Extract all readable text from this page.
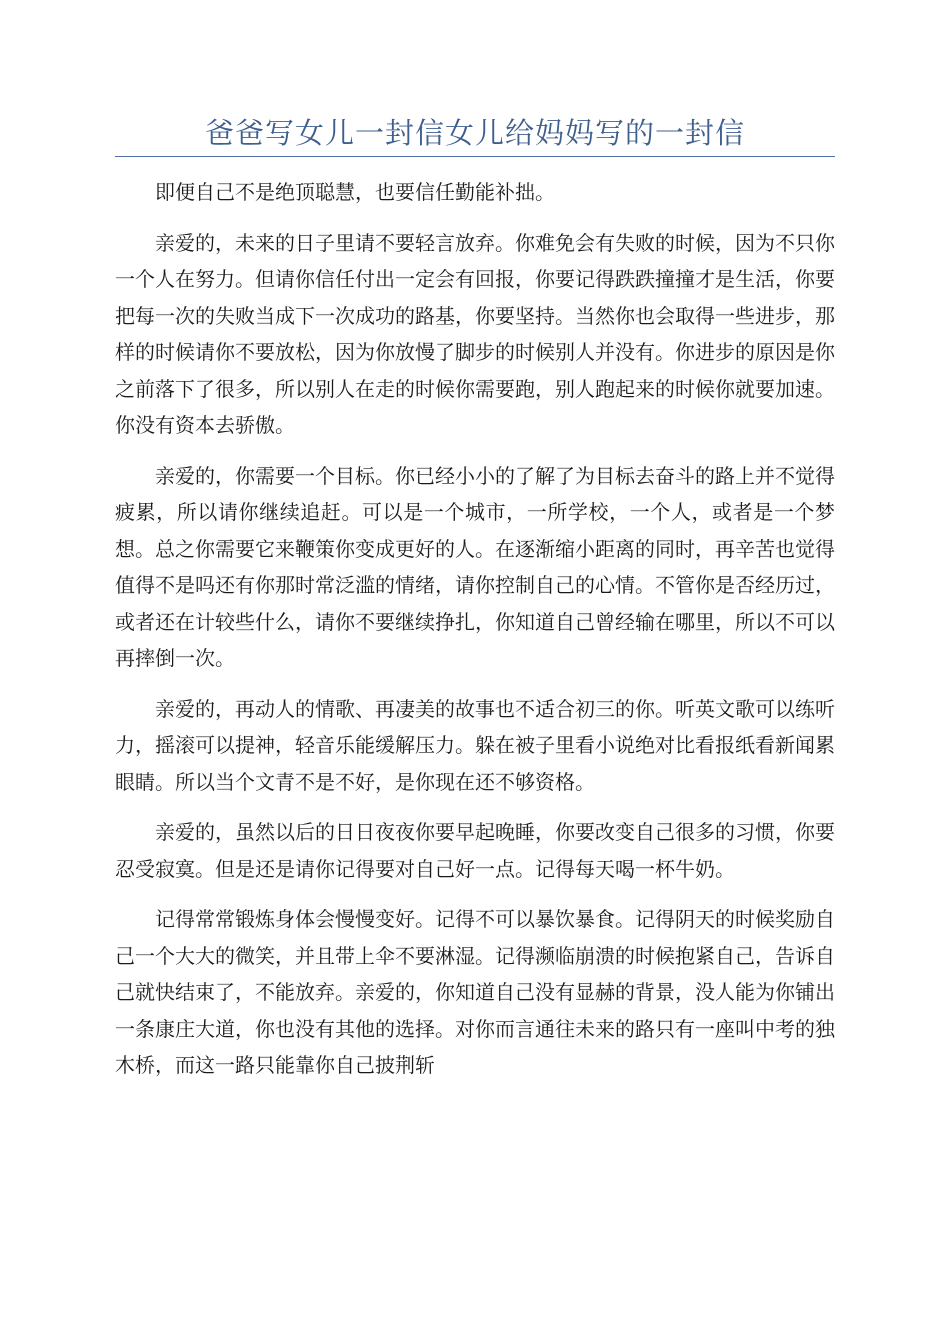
爸爸写女儿一封信女儿给妈妈写的一封信

即便自己不是绝顶聪慧，也要信任勤能补拙。

亲爱的，未来的日子里请不要轻言放弃。你难免会有失败的时候，因为不只你一个人在努力。但请你信任付出一定会有回报，你要记得跌跌撞撞才是生活，你要把每一次的失败当成下一次成功的路基，你要坚持。当然你也会取得一些进步，那样的时候请你不要放松，因为你放慢了脚步的时候别人并没有。你进步的原因是你之前落下了很多，所以别人在走的时候你需要跑，别人跑起来的时候你就要加速。你没有资本去骄傲。

亲爱的，你需要一个目标。你已经小小的了解了为目标去奋斗的路上并不觉得疲累，所以请你继续追赶。可以是一个城市，一所学校，一个人，或者是一个梦想。总之你需要它来鞭策你变成更好的人。在逐渐缩小距离的同时，再辛苦也觉得值得不是吗还有你那时常泛滥的情绪，请你控制自己的心情。不管你是否经历过，或者还在计较些什么，请你不要继续挣扎，你知道自己曾经输在哪里，所以不可以再摔倒一次。

亲爱的，再动人的情歌、再凄美的故事也不适合初三的你。听英文歌可以练听力，摇滚可以提神，轻音乐能缓解压力。躲在被子里看小说绝对比看报纸看新闻累眼睛。所以当个文青不是不好，是你现在还不够资格。

亲爱的，虽然以后的日日夜夜你要早起晚睡，你要改变自己很多的习惯，你要忍受寂寞。但是还是请你记得要对自己好一点。记得每天喝一杯牛奶。

记得常常锻炼身体会慢慢变好。记得不可以暴饮暴食。记得阴天的时候奖励自己一个大大的微笑，并且带上伞不要淋湿。记得濒临崩溃的时候抱紧自己，告诉自己就快结束了，不能放弃。亲爱的，你知道自己没有显赫的背景，没人能为你铺出一条康庄大道，你也没有其他的选择。对你而言通往未来的路只有一座叫中考的独木桥，而这一路只能靠你自己披荆斩
